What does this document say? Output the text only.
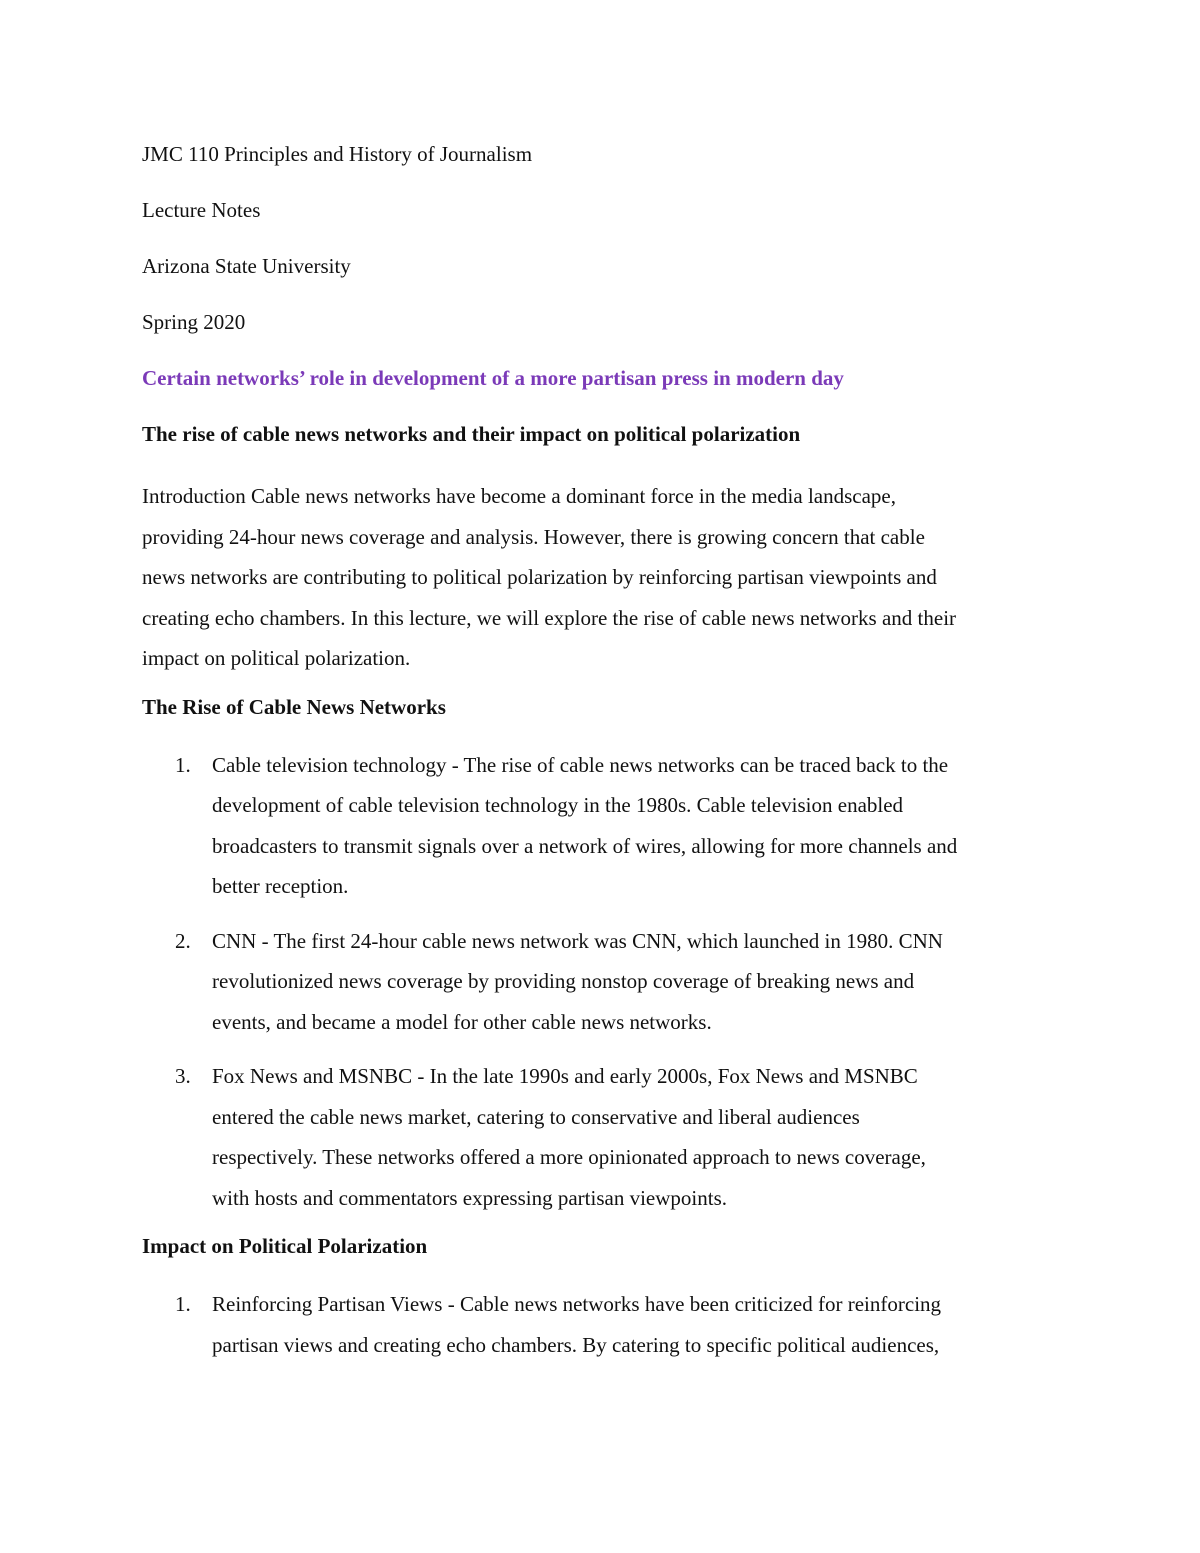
JMC 110 Principles and History of Journalism
Lecture Notes
Arizona State University
Spring 2020
Certain networks’ role in development of a more partisan press in modern day
The rise of cable news networks and their impact on political polarization
Introduction Cable news networks have become a dominant force in the media landscape,
providing 24-hour news coverage and analysis. However, there is growing concern that cable
news networks are contributing to political polarization by reinforcing partisan viewpoints and
creating echo chambers. In this lecture, we will explore the rise of cable news networks and their
impact on political polarization.
The Rise of Cable News Networks
1. Cable television technology - The rise of cable news networks can be traced back to the
development of cable television technology in the 1980s. Cable television enabled
broadcasters to transmit signals over a network of wires, allowing for more channels and
better reception.
2. CNN - The first 24-hour cable news network was CNN, which launched in 1980. CNN
revolutionized news coverage by providing nonstop coverage of breaking news and
events, and became a model for other cable news networks.
3. Fox News and MSNBC - In the late 1990s and early 2000s, Fox News and MSNBC
entered the cable news market, catering to conservative and liberal audiences
respectively. These networks offered a more opinionated approach to news coverage,
with hosts and commentators expressing partisan viewpoints.
Impact on Political Polarization
1. Reinforcing Partisan Views - Cable news networks have been criticized for reinforcing
partisan views and creating echo chambers. By catering to specific political audiences,
